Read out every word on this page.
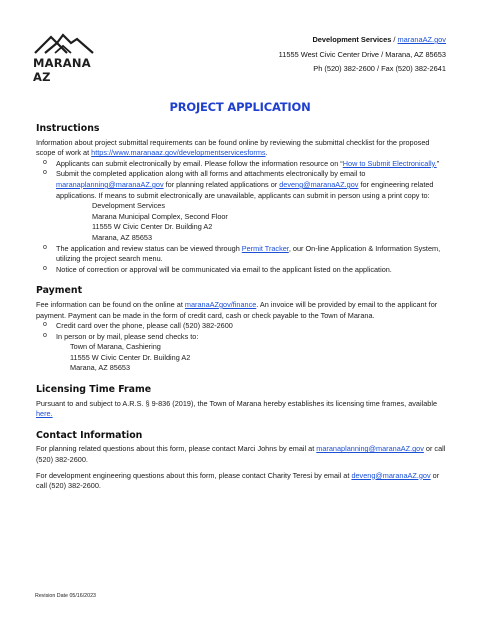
MARANA AZ
Development Services / maranaAZ.gov
11555 West Civic Center Drive / Marana, AZ 85653
Ph (520) 382-2600 / Fax (520) 382-2641
PROJECT APPLICATION
Instructions

Information about project submittal requirements can be found online by reviewing the submittal checklist for the proposed scope of work at https://www.maranaaz.gov/developmentservicesforms.

o Applicants can submit electronically by email. Please follow the information resource on “How to Submit Electronically.”
o Submit the completed application along with all forms and attachments electronically by email to maranaplanning@maranaAZ.gov for planning related applications or deveng@maranaAZ.gov for engineering related applications. If means to submit electronically are unavailable, applicants can submit in person using a print copy to:
Development Services
Marana Municipal Complex, Second Floor
11555 W Civic Center Dr. Building A2
Marana, AZ 85653
o The application and review status can be viewed through Permit Tracker, our On-line Application & Information System, utilizing the project search menu.
o Notice of correction or approval will be communicated via email to the applicant listed on the application.
Payment

Fee information can be found on the online at maranaAZgov/finance. An invoice will be provided by email to the applicant for payment. Payment can be made in the form of credit card, cash or check payable to the Town of Marana.

o Credit card over the phone, please call (520) 382-2600
o In person or by mail, please send checks to:
Town of Marana, Cashiering
11555 W Civic Center Dr. Building A2
Marana, AZ 85653
Licensing Time Frame

Pursuant to and subject to A.R.S. § 9-836 (2019), the Town of Marana hereby establishes its licensing time frames, available here.

Contact Information

For planning related questions about this form, please contact Marci Johns by email at maranaplanning@maranaAZ.gov or call (520) 382-2600.

For development engineering questions about this form, please contact Charity Teresi by email at deveng@maranaAZ.gov or call (520) 382-2600.

Revision Date 05/16/2023
